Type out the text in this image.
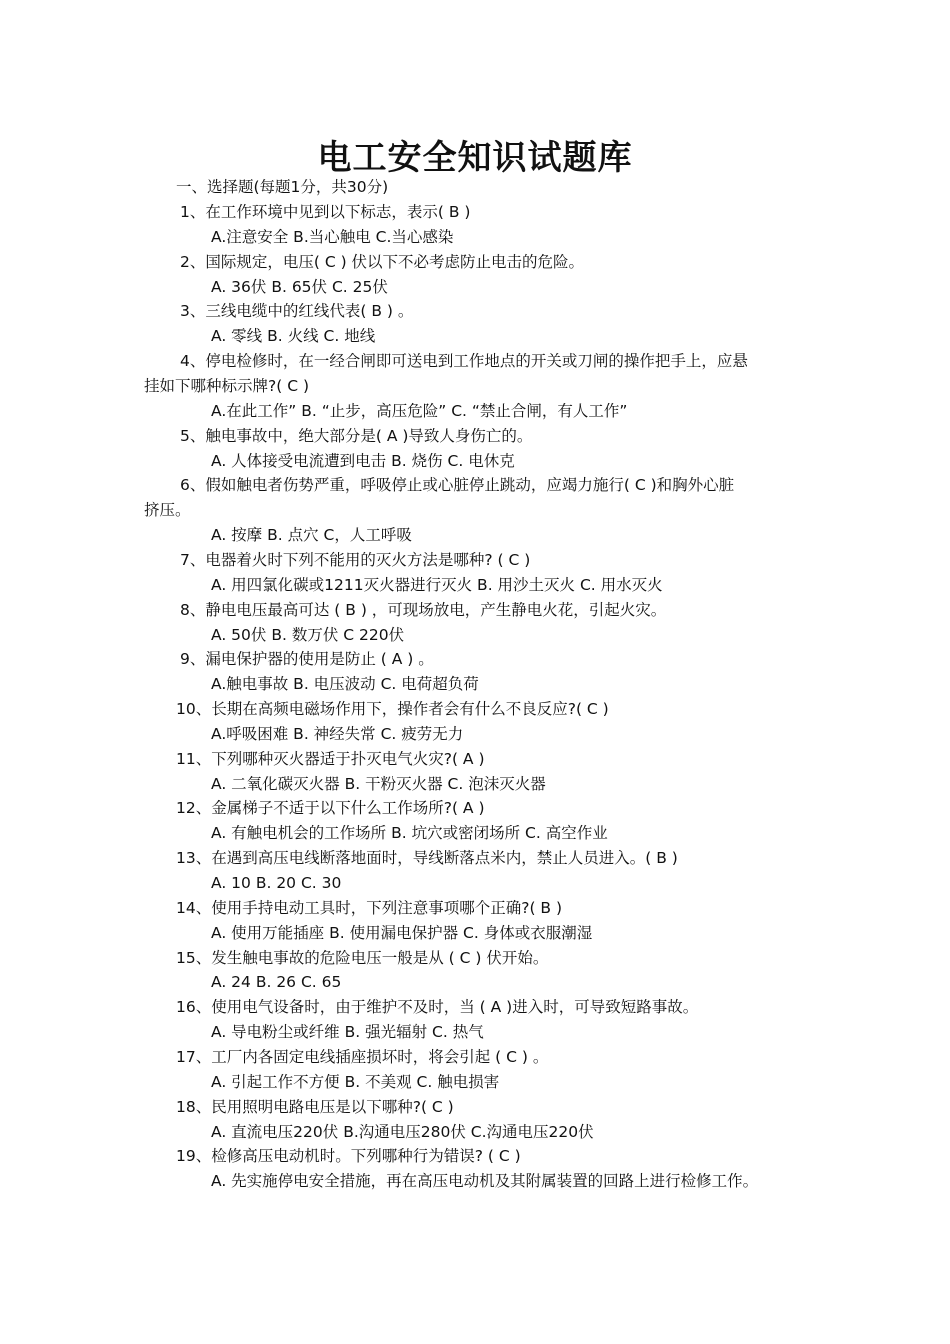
电工安全知识试题库
一、选择题(每题1分，共30分)
1、在工作环境中见到以下标志，表示( B )
A.注意安全 B.当心触电 C.当心感染
2、国际规定，电压( C ) 伏以下不必考虑防止电击的危险。
A. 36伏 B. 65伏 C. 25伏
3、三线电缆中的红线代表( B ) 。
A. 零线 B. 火线 C. 地线
4、停电检修时，在一经合闸即可送电到工作地点的开关或刀闸的操作把手上，应悬
挂如下哪种标示牌?( C )
A.在此工作” B. “止步，高压危险” C. “禁止合闸，有人工作”
5、触电事故中，绝大部分是( A )导致人身伤亡的。
A. 人体接受电流遭到电击 B. 烧伤 C. 电休克
6、假如触电者伤势严重，呼吸停止或心脏停止跳动，应竭力施行( C )和胸外心脏
挤压。
A. 按摩 B. 点穴 C，人工呼吸
7、电器着火时下列不能用的灭火方法是哪种? ( C )
A. 用四氯化碳或1211灭火器进行灭火 B. 用沙土灭火 C. 用水灭火
8、静电电压最高可达 ( B ) ，可现场放电，产生静电火花，引起火灾。
A. 50伏 B. 数万伏 C 220伏
9、漏电保护器的使用是防止 ( A ) 。
A.触电事故 B. 电压波动 C. 电荷超负荷
10、长期在高频电磁场作用下，操作者会有什么不良反应?( C )
A.呼吸困难 B. 神经失常 C. 疲劳无力
11、下列哪种灭火器适于扑灭电气火灾?( A )
A. 二氧化碳灭火器 B. 干粉灭火器 C. 泡沫灭火器
12、金属梯子不适于以下什么工作场所?( A )
A. 有触电机会的工作场所 B. 坑穴或密闭场所 C. 高空作业
13、在遇到高压电线断落地面时，导线断落点米内，禁止人员进入。( B )
A. 10 B. 20 C. 30
14、使用手持电动工具时，下列注意事项哪个正确?( B )
A. 使用万能插座 B. 使用漏电保护器 C. 身体或衣服潮湿
15、发生触电事故的危险电压一般是从 ( C ) 伏开始。
A. 24 B. 26 C. 65
16、使用电气设备时，由于维护不及时，当 ( A )进入时，可导致短路事故。
A. 导电粉尘或纤维 B. 强光辐射 C. 热气
17、工厂内各固定电线插座损坏时，将会引起 ( C ) 。
A. 引起工作不方便 B. 不美观 C. 触电损害
18、民用照明电路电压是以下哪种?( C )
A. 直流电压220伏 B.沟通电压280伏 C.沟通电压220伏
19、检修高压电动机时。下列哪种行为错误? ( C )
A. 先实施停电安全措施，再在高压电动机及其附属装置的回路上进行检修工作。
